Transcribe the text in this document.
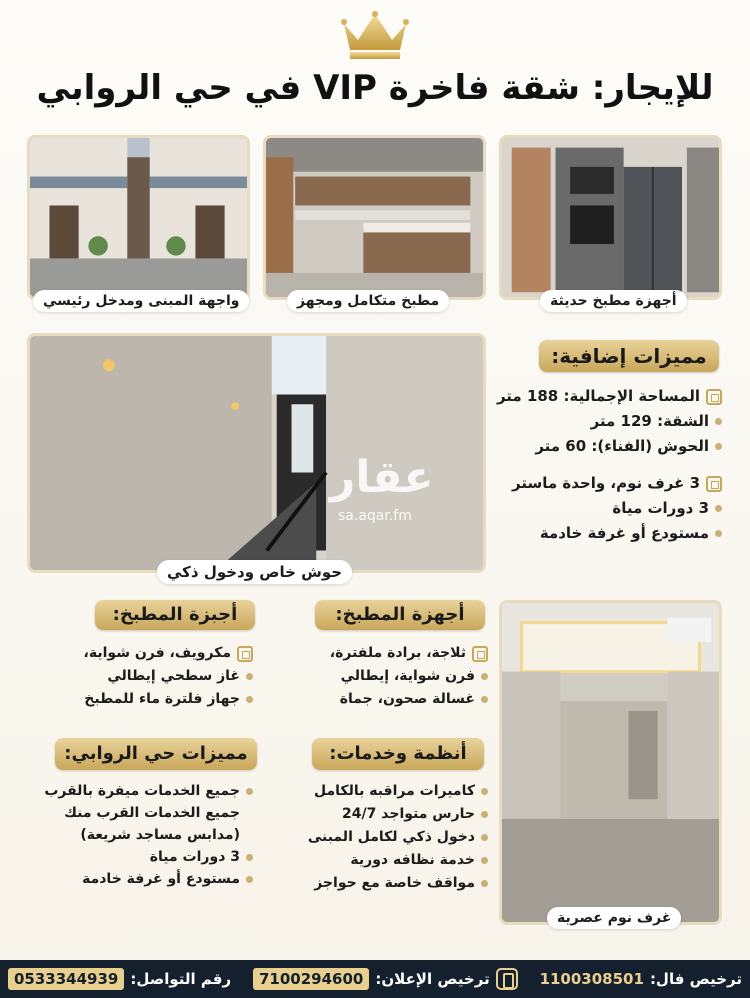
للإيجار: شقة فاخرة VIP في حي الروابي
واجهة المبنى ومدخل رئيسي	مطبخ متكامل ومجهز	أجهزة مطبخ حديثة
عقار
sa.aqar.fm
حوش خاص ودخول ذكي
مميزات إضافية:
المساحة الإجمالية: 188 متر
الشقة: 129 متر
الحوش (الفناء): 60 متر
3 غرف نوم، واحدة ماستر
3 دورات مياة
مستودع أو غرفة خادمة
غرف نوم عصرية
أجهزة المطبخ:
ثلاجة، برادة ملفترة،
فرن شواية، إيطالي
غسالة صحون، جماة
أجبزة المطبخ:
مكرويف، فرن شواية،
غاز سطحي إيطالي
جهاز فلترة ماء للمطبخ
أنظمة وخدمات:
كاميرات مراقبه بالكامل
حارس متواجد 24/7
دخول ذكي لكامل المبنى
خدمة نظافه دورية
مواقف خاصة مع حواجز
مميزات حي الروابي:
جميع الخدمات ميفرة بالقرب
جميع الخدمات القرب منك
(مدابس مساجد شريعة)
3 دورات مياة
مستودع أو غرفة خادمة
ترخيص فال:
1100308501
ترخيص الإعلان:
7100294600
رقم التواصل:
0533344939
